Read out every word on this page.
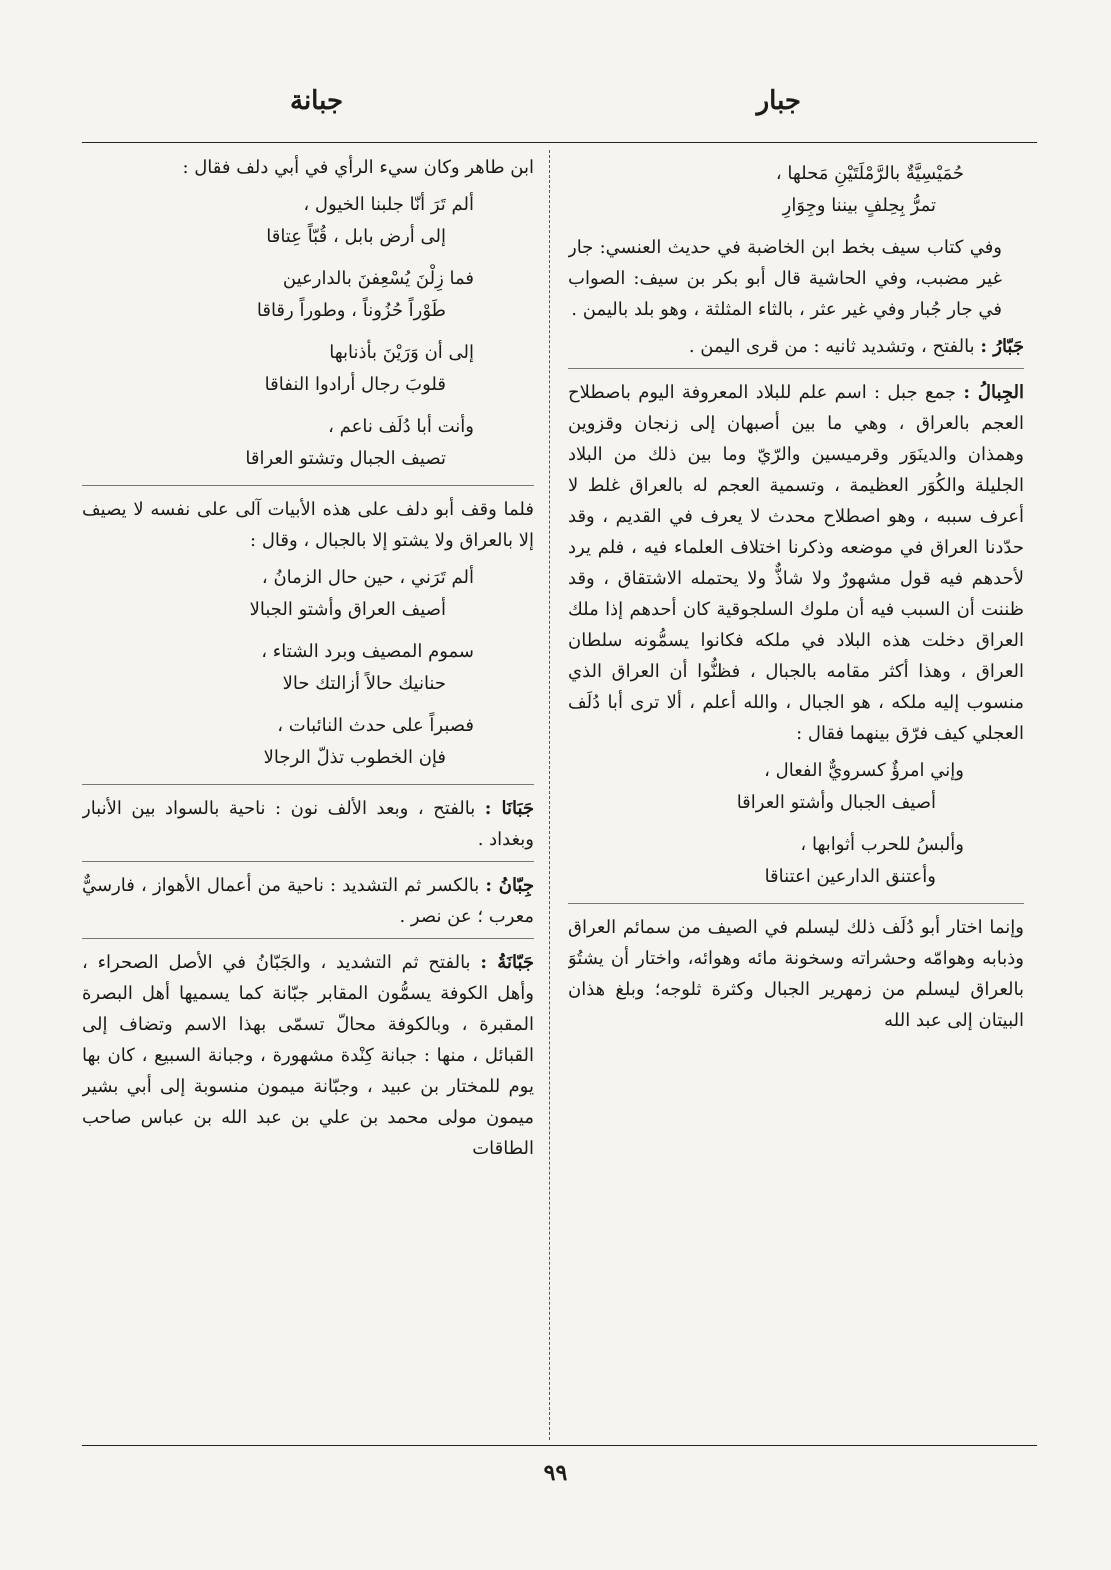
جبار
جبانة
حُمَيْسِيَّةٌ بالرَّمْلَتَيْنِ مَحلها ،
تمرُّ بِحِلفٍ بيننا وجِوَارِ

وفي كتاب سيف بخط ابن الخاضبة في حديث العنسي: جار غير مضبب، وفي الحاشية قال أبو بكر بن سيف: الصواب في جار جُبار وفي غير عثر ، بالثاء المثلثة ، وهو بلد باليمن .

جَبّارُ : بالفتح ، وتشديد ثانيه : من قرى اليمن .

الجِبالُ : جمع جبل : اسم علم للبلاد المعروفة اليوم باصطلاح العجم بالعراق ، وهي ما بين أصبهان إلى زنجان وقزوين وهمذان والدينَوَر وقرميسين والرّيّ وما بين ذلك من البلاد الجليلة والكُوَر العظيمة ، وتسمية العجم له بالعراق غلط لا أعرف سببه ، وهو اصطلاح محدث لا يعرف في القديم ، وقد حدّدنا العراق في موضعه وذكرنا اختلاف العلماء فيه ، فلم يرد لأحدهم فيه قول مشهورٌ ولا شاذٌّ ولا يحتمله الاشتقاق ، وقد ظننت أن السبب فيه أن ملوك السلجوقية كان أحدهم إذا ملك العراق دخلت هذه البلاد في ملكه فكانوا يسمُّونه سلطان العراق ، وهذا أكثر مقامه بالجبال ، فظنُّوا أن العراق الذي منسوب إليه ملكه ، هو الجبال ، والله أعلم ، ألا ترى أبا دُلَف العجلي كيف فرّق بينهما فقال :

وإني امرؤٌ كسرويٌّ الفعال ،
أصيف الجبال وأشتو العراقا
وألبسُ للحرب أثوابها ،
وأعتنق الدارعين اعتناقا

وإنما اختار أبو دُلَف ذلك ليسلم في الصيف من سمائم العراق وذبابه وهوامّه وحشراته وسخونة مائه وهوائه، واختار أن يشتُوَ بالعراق ليسلم من زمهرير الجبال وكثرة ثلوجه؛ وبلغ هذان البيتان إلى عبد الله

ابن طاهر وكان سيء الرأي في أبي دلف فقال :

ألم تَرَ أنّا جلبنا الخيول ،
إلى أرض بابل ، قُبّاً عِتاقا
فما زِلْنَ يُسْعِفنَ بالدارعين
طَوْراً حُزُوناً ، وطوراً رقاقا
إلى أن وَرَيْنَ بأذنابها
قلوبَ رجال أرادوا النفاقا
وأنت أبا دُلَف ناعم ،
تصيف الجبال وتشتو العراقا

فلما وقف أبو دلف على هذه الأبيات آلى على نفسه لا يصيف إلا بالعراق ولا يشتو إلا بالجبال ، وقال :

ألم تَرَني ، حين حال الزمانُ ،
أصيف العراق وأشتو الجبالا
سموم المصيف وبرد الشتاء ،
حنانيك حالاً أزالتك حالا
فصبراً على حدث النائبات ،
فإن الخطوب تذلّ الرجالا

جَبَانَا : بالفتح ، وبعد الألف نون : ناحية بالسواد بين الأنبار وبغداد .

جِبّانُ : بالكسر ثم التشديد : ناحية من أعمال الأهواز ، فارسيٌّ معرب ؛ عن نصر .

جَبّانَةُ : بالفتح ثم التشديد ، والجَبّانُ في الأصل الصحراء ، وأهل الكوفة يسمُّون المقابر جبّانة كما يسميها أهل البصرة المقبرة ، وبالكوفة محالّ تسمّى بهذا الاسم وتضاف إلى القبائل ، منها : جبانة كِنْدة مشهورة ، وجبانة السبيع ، كان بها يوم للمختار بن عبيد ، وجبّانة ميمون منسوبة إلى أبي بشير ميمون مولى محمد بن علي بن عبد الله بن عباس صاحب الطاقات

٩٩
